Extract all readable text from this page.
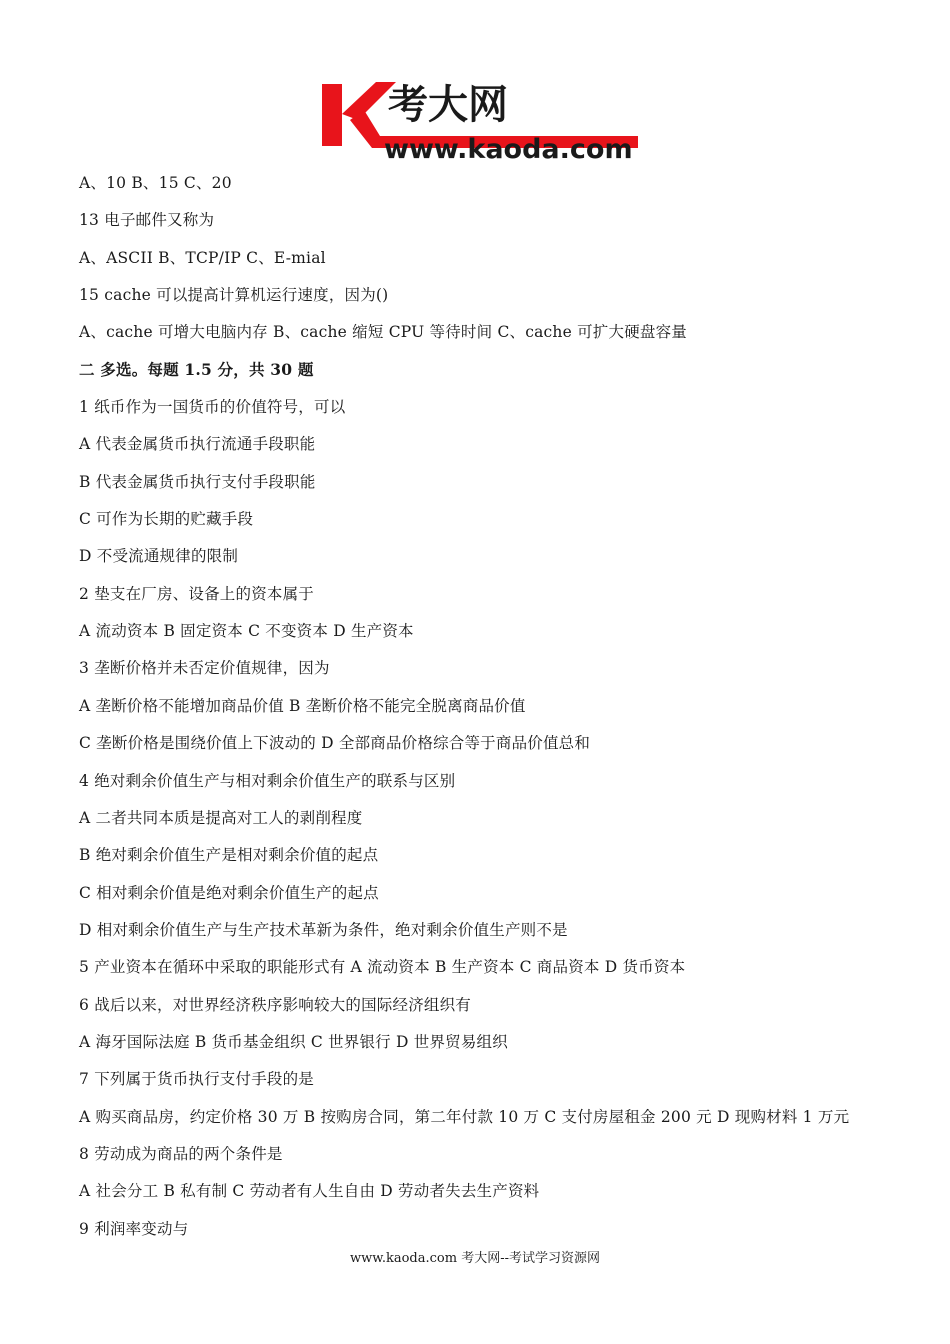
考大网
www.kaoda.com
A、10 B、15 C、20
13 电子邮件又称为
A、ASCII B、TCP/IP C、E-mial
15 cache 可以提高计算机运行速度，因为()
A、cache 可增大电脑内存 B、cache 缩短 CPU 等待时间 C、cache 可扩大硬盘容量
二 多选。每题 1.5 分，共 30 题
1 纸币作为一国货币的价值符号，可以
A 代表金属货币执行流通手段职能
B 代表金属货币执行支付手段职能
C 可作为长期的贮藏手段
D 不受流通规律的限制
2 垫支在厂房、设备上的资本属于
A 流动资本 B 固定资本 C 不变资本 D 生产资本
3 垄断价格并未否定价值规律，因为
A 垄断价格不能增加商品价值 B 垄断价格不能完全脱离商品价值
C 垄断价格是围绕价值上下波动的 D 全部商品价格综合等于商品价值总和
4 绝对剩余价值生产与相对剩余价值生产的联系与区别
A 二者共同本质是提高对工人的剥削程度
B 绝对剩余价值生产是相对剩余价值的起点
C 相对剩余价值是绝对剩余价值生产的起点
D 相对剩余价值生产与生产技术革新为条件，绝对剩余价值生产则不是
5 产业资本在循环中采取的职能形式有 A 流动资本 B 生产资本 C 商品资本 D 货币资本
6 战后以来，对世界经济秩序影响较大的国际经济组织有
A 海牙国际法庭 B 货币基金组织 C 世界银行 D 世界贸易组织
7 下列属于货币执行支付手段的是
A 购买商品房，约定价格 30 万 B 按购房合同，第二年付款 10 万 C 支付房屋租金 200 元 D 现购材料 1 万元
8 劳动成为商品的两个条件是
A 社会分工 B 私有制 C 劳动者有人生自由 D 劳动者失去生产资料
9 利润率变动与
www.kaoda.com 考大网--考试学习资源网
